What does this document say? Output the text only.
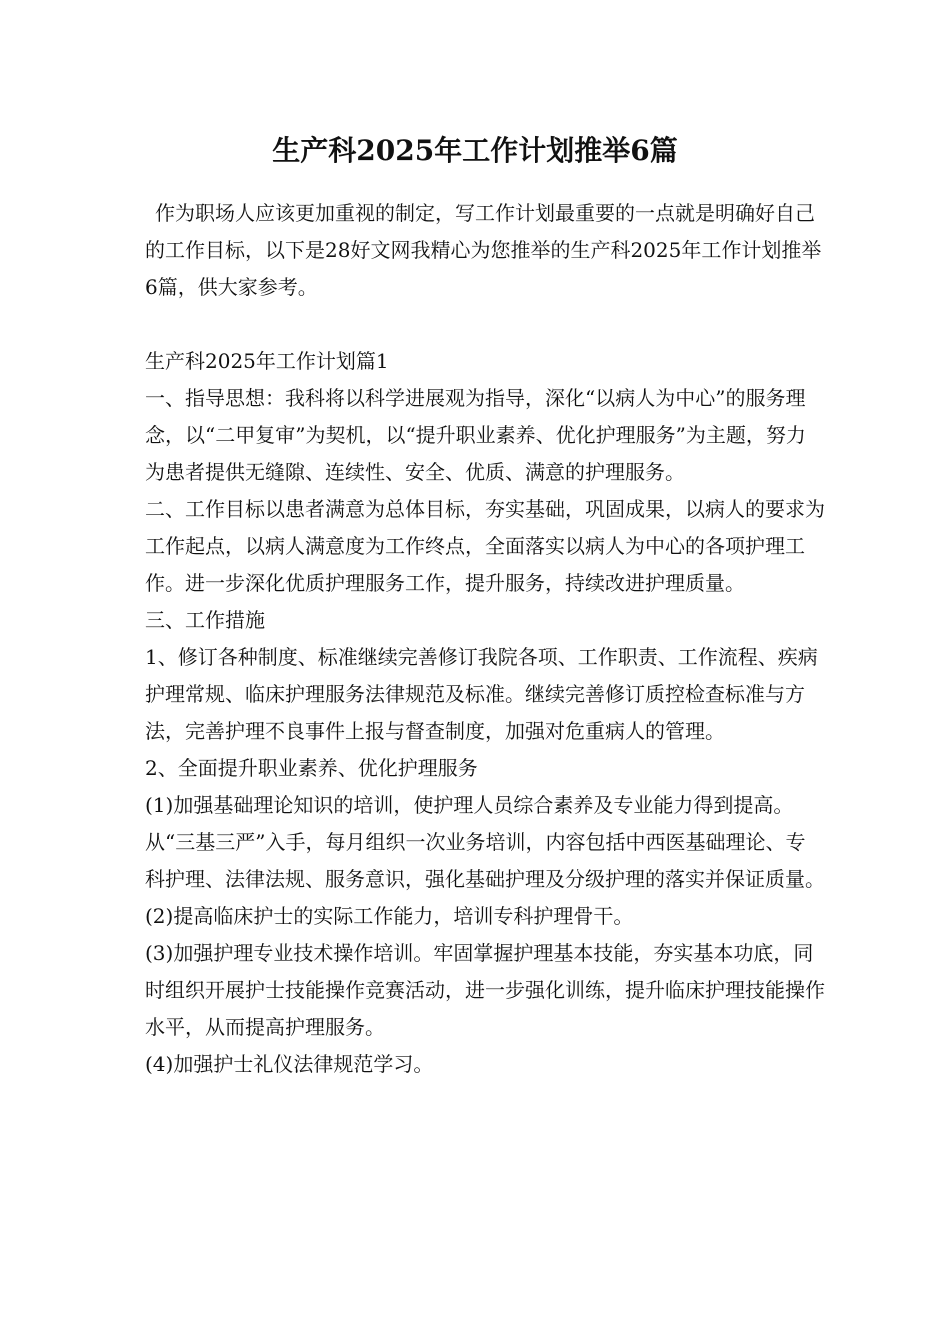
生产科2025年工作计划推举6篇

作为职场人应该更加重视的制定，写工作计划最重要的一点就是明确好自己的工作目标，以下是28好文网我精心为您推举的生产科2025年工作计划推举6篇，供大家参考。

生产科2025年工作计划篇1

一、指导思想：我科将以科学进展观为指导，深化“以病人为中心”的服务理念，以“二甲复审”为契机，以“提升职业素养、优化护理服务”为主题，努力为患者提供无缝隙、连续性、安全、优质、满意的护理服务。

二、工作目标以患者满意为总体目标，夯实基础，巩固成果，以病人的要求为工作起点，以病人满意度为工作终点，全面落实以病人为中心的各项护理工作。进一步深化优质护理服务工作，提升服务，持续改进护理质量。

三、工作措施

1、修订各种制度、标准继续完善修订我院各项、工作职责、工作流程、疾病护理常规、临床护理服务法律规范及标准。继续完善修订质控检查标准与方法，完善护理不良事件上报与督查制度，加强对危重病人的管理。

2、全面提升职业素养、优化护理服务

(1)加强基础理论知识的培训，使护理人员综合素养及专业能力得到提高。从“三基三严”入手，每月组织一次业务培训，内容包括中西医基础理论、专科护理、法律法规、服务意识，强化基础护理及分级护理的落实并保证质量。

(2)提高临床护士的实际工作能力，培训专科护理骨干。

(3)加强护理专业技术操作培训。牢固掌握护理基本技能，夯实基本功底，同时组织开展护士技能操作竞赛活动，进一步强化训练，提升临床护理技能操作水平，从而提高护理服务。

(4)加强护士礼仪法律规范学习。
